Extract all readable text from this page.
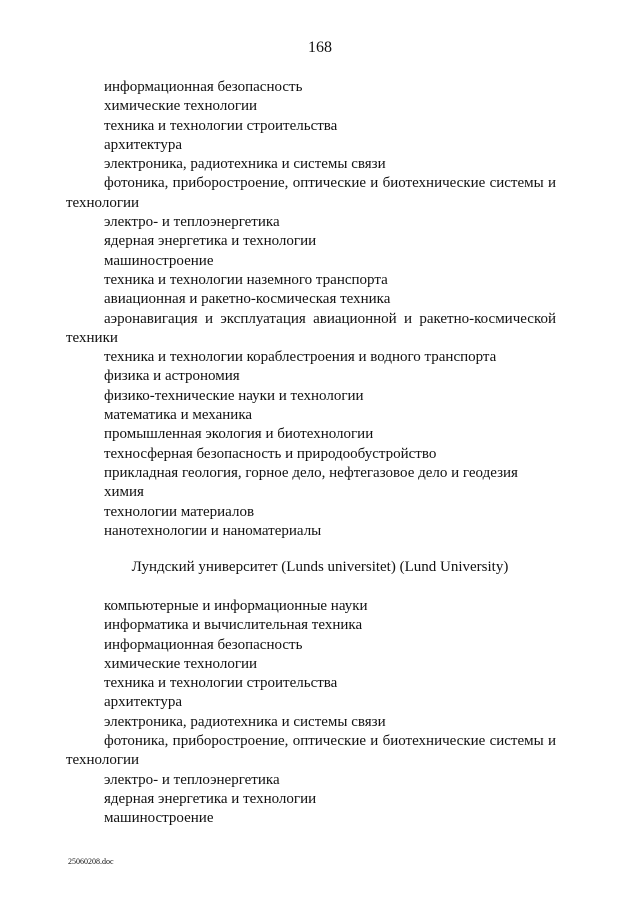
168
информационная безопасность
химические технологии
техника и технологии строительства
архитектура
электроника, радиотехника и системы связи
фотоника, приборостроение, оптические и биотехнические системы и технологии
электро- и теплоэнергетика
ядерная энергетика и технологии
машиностроение
техника и технологии наземного транспорта
авиационная и ракетно-космическая техника
аэронавигация и эксплуатация авиационной и ракетно-космической техники
техника и технологии кораблестроения и водного транспорта
физика и астрономия
физико-технические науки и технологии
математика и механика
промышленная экология и биотехнологии
техносферная безопасность и природообустройство
прикладная геология, горное дело, нефтегазовое дело и геодезия
химия
технологии материалов
нанотехнологии и наноматериалы
Лундский университет (Lunds universitet) (Lund University)
компьютерные и информационные науки
информатика и вычислительная техника
информационная безопасность
химические технологии
техника и технологии строительства
архитектура
электроника, радиотехника и системы связи
фотоника, приборостроение, оптические и биотехнические системы и технологии
электро- и теплоэнергетика
ядерная энергетика и технологии
машиностроение
25060208.doc
